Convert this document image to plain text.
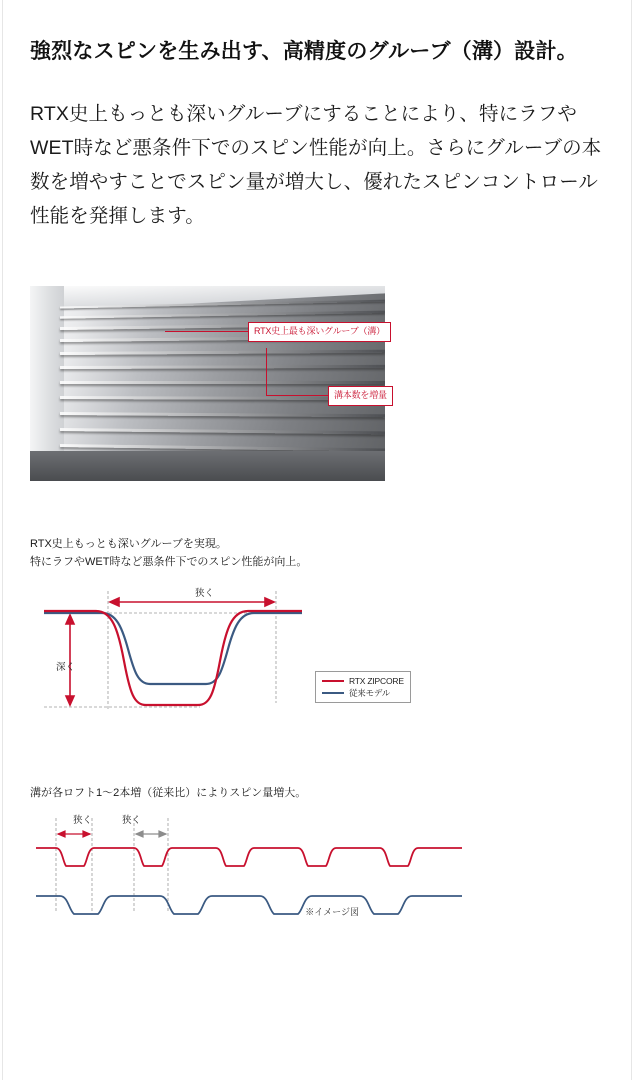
強烈なスピンを生み出す、高精度のグルーブ（溝）設計。

RTX史上もっとも深いグルーブにすることにより、特にラフやWET時など悪条件下でのスピン性能が向上。さらにグルーブの本数を増やすことでスピン量が増大し、優れたスピンコントロール性能を発揮します。

RTX史上最も深いグルーブ（溝）
溝本数を増量
RTX史上もっとも深いグルーブを実現。
特にラフやWET時など悪条件下でのスピン性能が向上。
狭く
深く
RTX ZIPCORE
従来モデル
溝が各ロフト1〜2本増（従来比）によりスピン量増大。
狭く	狭く
※イメージ図
